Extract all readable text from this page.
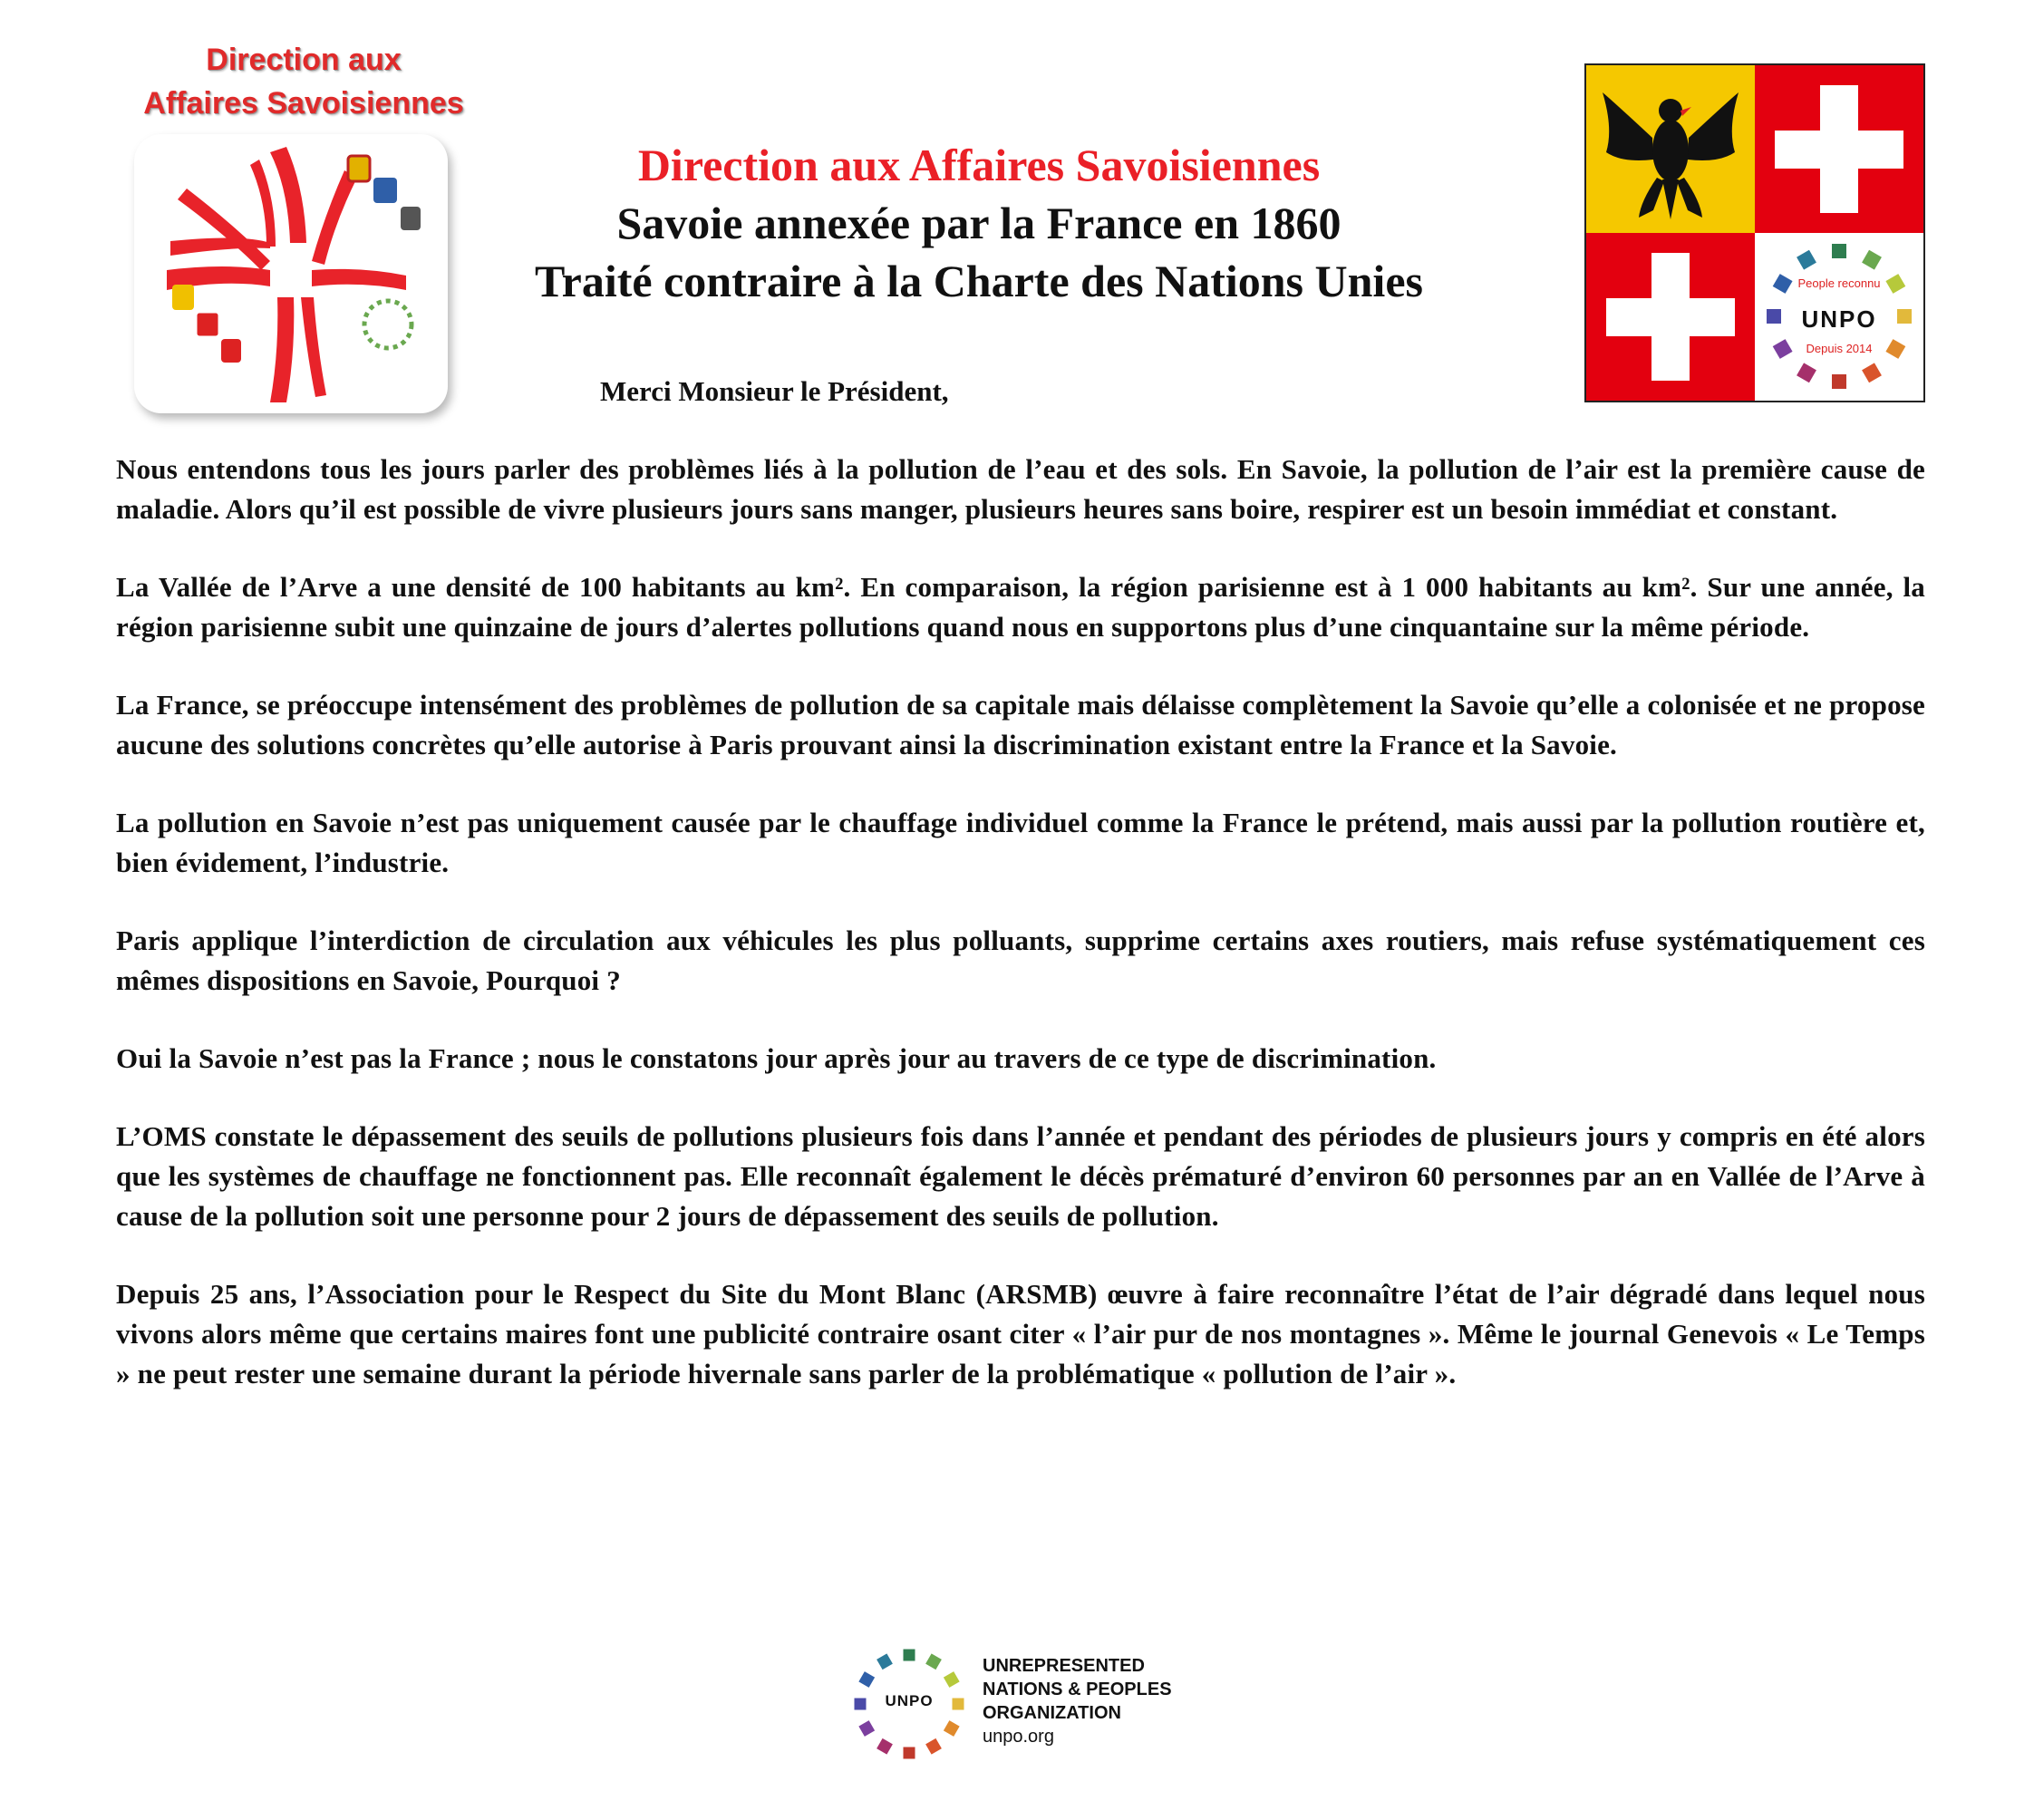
Direction aux
Affaires Savoisiennes
Direction aux Affaires Savoisiennes
Savoie annexée par la France en 1860
Traité contraire à la Charte des Nations Unies	People reconnu
UNPO
Depuis 2014
Merci Monsieur le Président,

Nous entendons tous les jours parler des problèmes liés à la pollution de l’eau et des sols. En Savoie, la pollution de l’air est la première cause de maladie. Alors qu’il est possible de vivre plusieurs jours sans manger, plusieurs heures sans boire, respirer est un besoin immédiat et constant.

La Vallée de l’Arve a une densité de 100 habitants au km². En comparaison, la région parisienne est à 1 000 habitants au km². Sur une année, la région parisienne subit une quinzaine de jours d’alertes pollutions quand nous en supportons plus d’une cinquantaine sur la même période.

La France, se préoccupe intensément des problèmes de pollution de sa capitale mais délaisse complètement la Savoie qu’elle a colonisée et ne propose aucune des solutions concrètes qu’elle autorise à Paris prouvant ainsi la discrimination existant entre la France et la Savoie.

La pollution en Savoie n’est pas uniquement causée par le chauffage individuel comme la France le prétend, mais aussi par la pollution routière et, bien évidement, l’industrie.

Paris applique l’interdiction de circulation aux véhicules les plus polluants, supprime certains axes routiers, mais refuse systématiquement ces mêmes dispositions en Savoie, Pourquoi ?

Oui la Savoie n’est pas la France ; nous le constatons jour après jour au travers de ce type de discrimination.

L’OMS constate le dépassement des seuils de pollutions plusieurs fois dans l’année et pendant des périodes de plusieurs jours y compris en été alors que les systèmes de chauffage ne fonctionnent pas. Elle reconnaît également le décès prématuré d’environ 60 personnes par an en Vallée de l’Arve à cause de la pollution soit une personne pour 2 jours de dépassement des seuils de pollution.

Depuis 25 ans, l’Association pour le Respect du Site du Mont Blanc (ARSMB) œuvre à faire reconnaître l’état de l’air dégradé dans lequel nous vivons alors même que certains maires font une publicité contraire osant citer « l’air pur de nos montagnes ». Même le journal Genevois « Le Temps » ne peut rester une semaine durant la période hivernale sans parler de la problématique « pollution de l’air ».

UNPO
UNREPRESENTED
NATIONS & PEOPLES
ORGANIZATION
unpo.org
